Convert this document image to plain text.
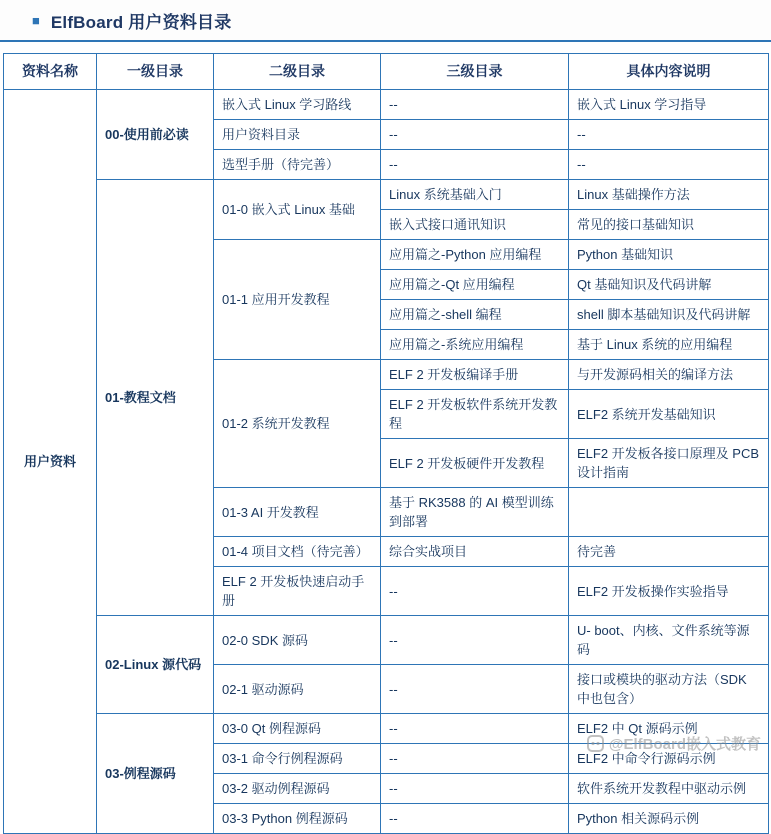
■ ElfBoard 用户资料目录
资料名称	一级目录	二级目录	三级目录	具体内容说明
用户资料	00-使用前必读	嵌入式 Linux 学习路线	--	嵌入式 Linux 学习指导
		用户资料目录	--	--
		选型手册（待完善）	--	--
	01-教程文档	01-0 嵌入式 Linux 基础	Linux 系统基础入门	Linux 基础操作方法
			嵌入式接口通讯知识	常见的接口基础知识
		01-1 应用开发教程	应用篇之-Python 应用编程	Python 基础知识
			应用篇之-Qt 应用编程	Qt 基础知识及代码讲解
			应用篇之-shell 编程	shell 脚本基础知识及代码讲解
			应用篇之-系统应用编程	基于 Linux 系统的应用编程
		01-2 系统开发教程	ELF 2 开发板编译手册	与开发源码相关的编译方法
			ELF 2 开发板软件系统开发教程	ELF2 系统开发基础知识
			ELF 2 开发板硬件开发教程	ELF2 开发板各接口原理及 PCB 设计指南
		01-3 AI 开发教程	基于 RK3588 的 AI 模型训练到部署	
		01-4 项目文档（待完善）	综合实战项目	待完善
		ELF 2 开发板快速启动手册	--	ELF2 开发板操作实验指导
	02-Linux 源代码	02-0 SDK 源码	--	U- boot、内核、文件系统等源码
		02-1 驱动源码	--	接口或模块的驱动方法（SDK 中也包含）
	03-例程源码	03-0 Qt 例程源码	--	ELF2 中 Qt 源码示例
		03-1 命令行例程源码	--	ELF2 中命令行源码示例
		03-2 驱动例程源码	--	软件系统开发教程中驱动示例
		03-3 Python 例程源码	--	Python 相关源码示例
@ElfBoard嵌入式教育
